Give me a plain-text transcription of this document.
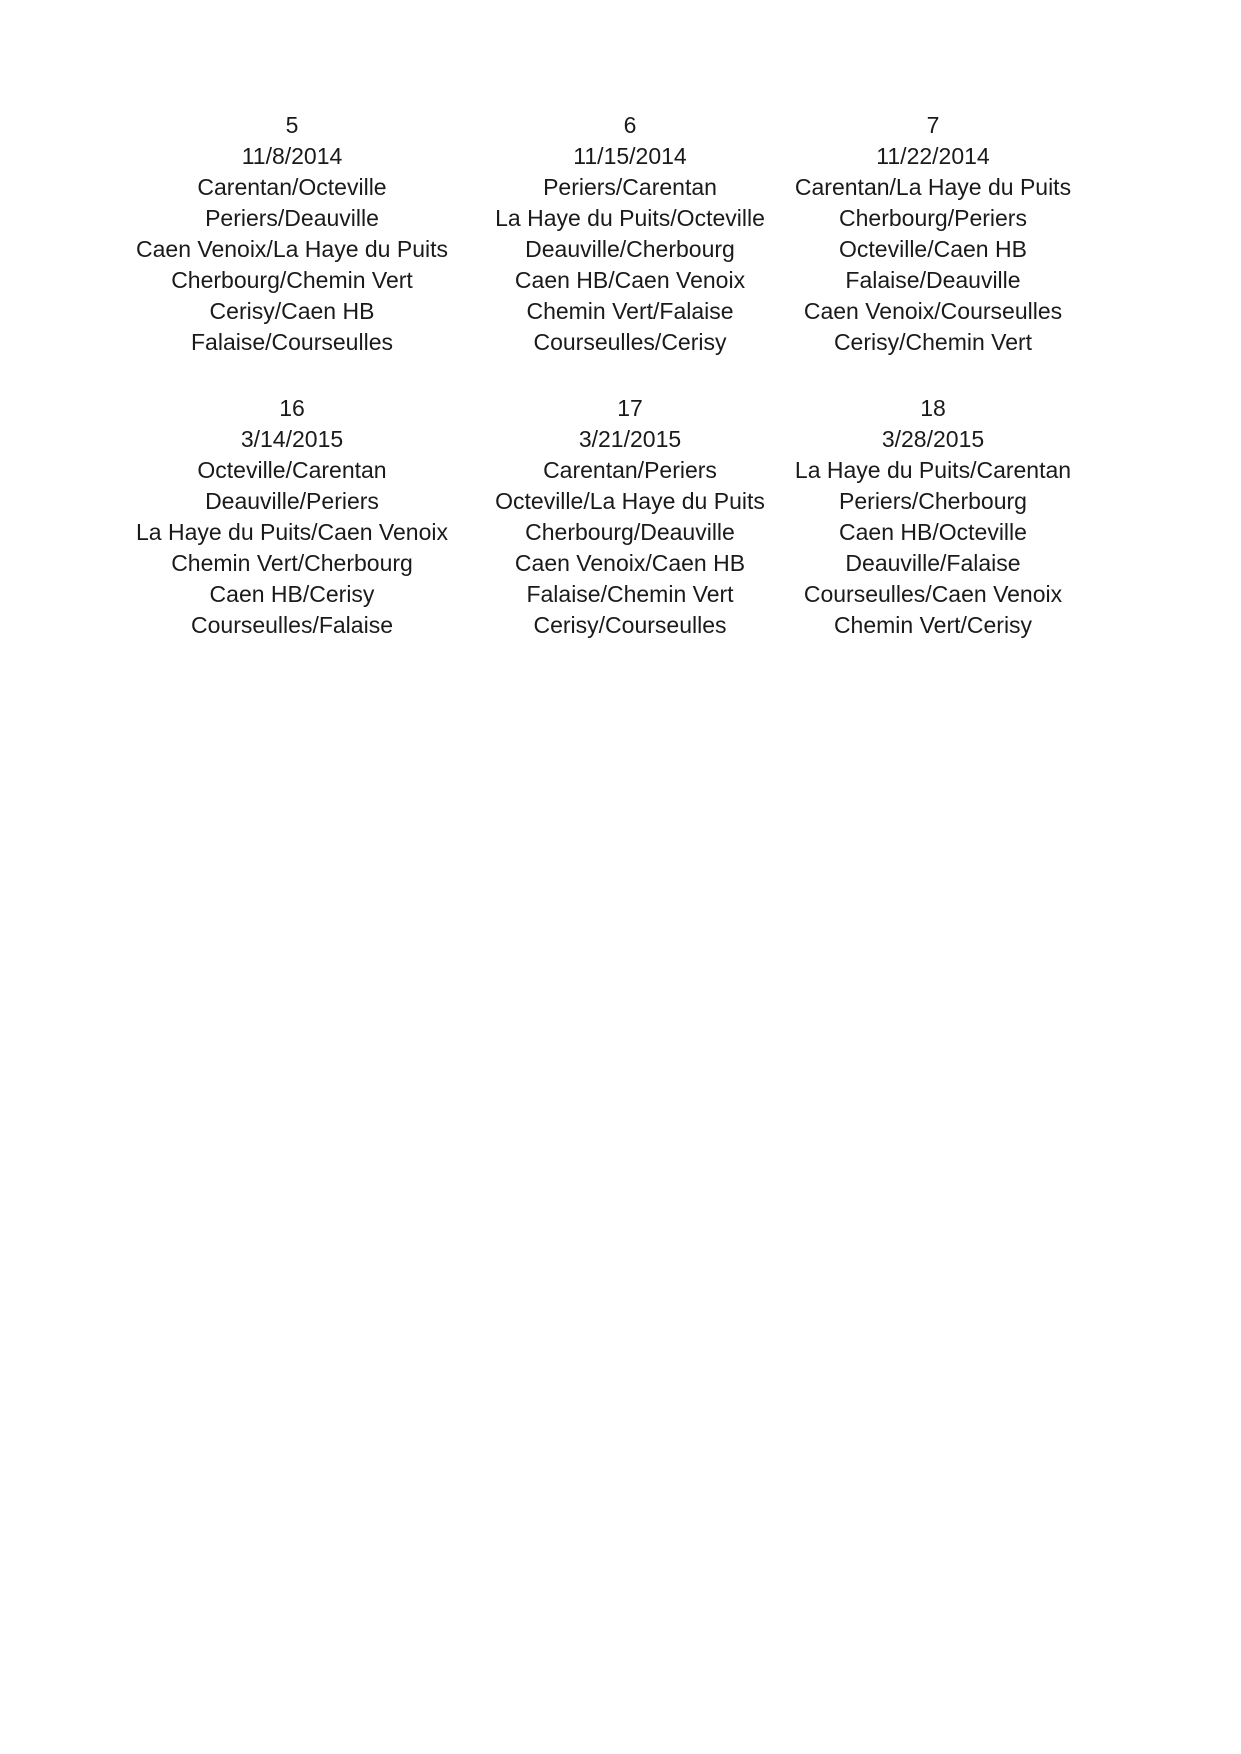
5
11/8/2014
Carentan/Octeville
Periers/Deauville
Caen Venoix/La Haye du Puits
Cherbourg/Chemin Vert
Cerisy/Caen HB
Falaise/Courseulles
6
11/15/2014
Periers/Carentan
La Haye du Puits/Octeville
Deauville/Cherbourg
Caen HB/Caen Venoix
Chemin Vert/Falaise
Courseulles/Cerisy
7
11/22/2014
Carentan/La Haye du Puits
Cherbourg/Periers
Octeville/Caen HB
Falaise/Deauville
Caen Venoix/Courseulles
Cerisy/Chemin Vert
16
3/14/2015
Octeville/Carentan
Deauville/Periers
La Haye du Puits/Caen Venoix
Chemin Vert/Cherbourg
Caen HB/Cerisy
Courseulles/Falaise
17
3/21/2015
Carentan/Periers
Octeville/La Haye du Puits
Cherbourg/Deauville
Caen Venoix/Caen HB
Falaise/Chemin Vert
Cerisy/Courseulles
18
3/28/2015
La Haye du Puits/Carentan
Periers/Cherbourg
Caen HB/Octeville
Deauville/Falaise
Courseulles/Caen Venoix
Chemin Vert/Cerisy
